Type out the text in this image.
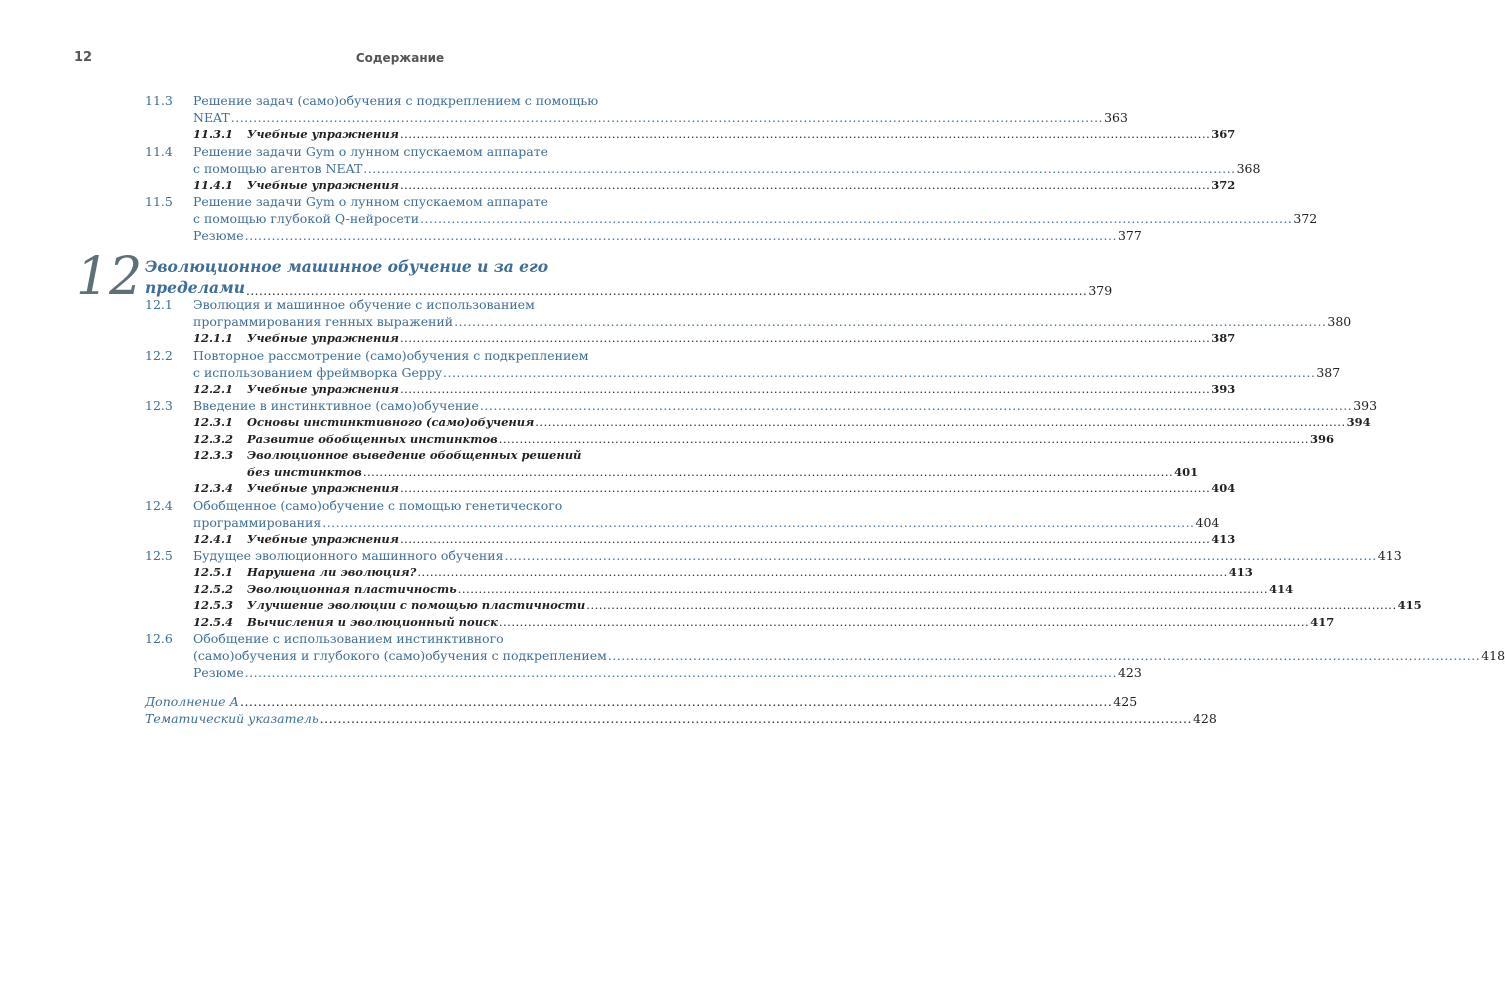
12	Содержание
11.3	Решение задач (само)обучения с подкреплением с помощью
NEAT ................................................................................................................................................................................................... 363
11.3.1	Учебные упражнения ................................................................................................................................................................................................... 367
11.4	Решение задачи Gym о лунном спускаемом аппарате
с помощью агентов NEAT ................................................................................................................................................................................................... 368
11.4.1	Учебные упражнения ................................................................................................................................................................................................... 372
11.5	Решение задачи Gym о лунном спускаемом аппарате
с помощью глубокой Q-нейросети ................................................................................................................................................................................................... 372
Резюме ................................................................................................................................................................................................... 377
12 Эволюционное машинное обучение и за его
пределами ................................................................................................................................................................................................... 379
12.1	Эволюция и машинное обучение с использованием
программирования генных выражений ................................................................................................................................................................................................... 380
12.1.1	Учебные упражнения ................................................................................................................................................................................................... 387
12.2	Повторное рассмотрение (само)обучения с подкреплением
с использованием фреймворка Geppy ................................................................................................................................................................................................... 387
12.2.1	Учебные упражнения ................................................................................................................................................................................................... 393
12.3	Введение в инстинктивное (само)обучение ................................................................................................................................................................................................... 393
12.3.1	Основы инстинктивного (само)обучения ................................................................................................................................................................................................... 394
12.3.2	Развитие обобщенных инстинктов ................................................................................................................................................................................................... 396
12.3.3	Эволюционное выведение обобщенных решений
без инстинктов ................................................................................................................................................................................................... 401
12.3.4	Учебные упражнения ................................................................................................................................................................................................... 404
12.4	Обобщенное (само)обучение с помощью генетического
программирования ................................................................................................................................................................................................... 404
12.4.1	Учебные упражнения ................................................................................................................................................................................................... 413
12.5	Будущее эволюционного машинного обучения ................................................................................................................................................................................................... 413
12.5.1	Нарушена ли эволюция? ................................................................................................................................................................................................... 413
12.5.2	Эволюционная пластичность ................................................................................................................................................................................................... 414
12.5.3	Улучшение эволюции с помощью пластичности ................................................................................................................................................................................................... 415
12.5.4	Вычисления и эволюционный поиск ................................................................................................................................................................................................... 417
12.6	Обобщение с использованием инстинктивного
(само)обучения и глубокого (само)обучения с подкреплением ................................................................................................................................................................................................... 418
Резюме ................................................................................................................................................................................................... 423
Дополнение А ................................................................................................................................................................................................... 425
Тематический указатель ................................................................................................................................................................................................... 428
